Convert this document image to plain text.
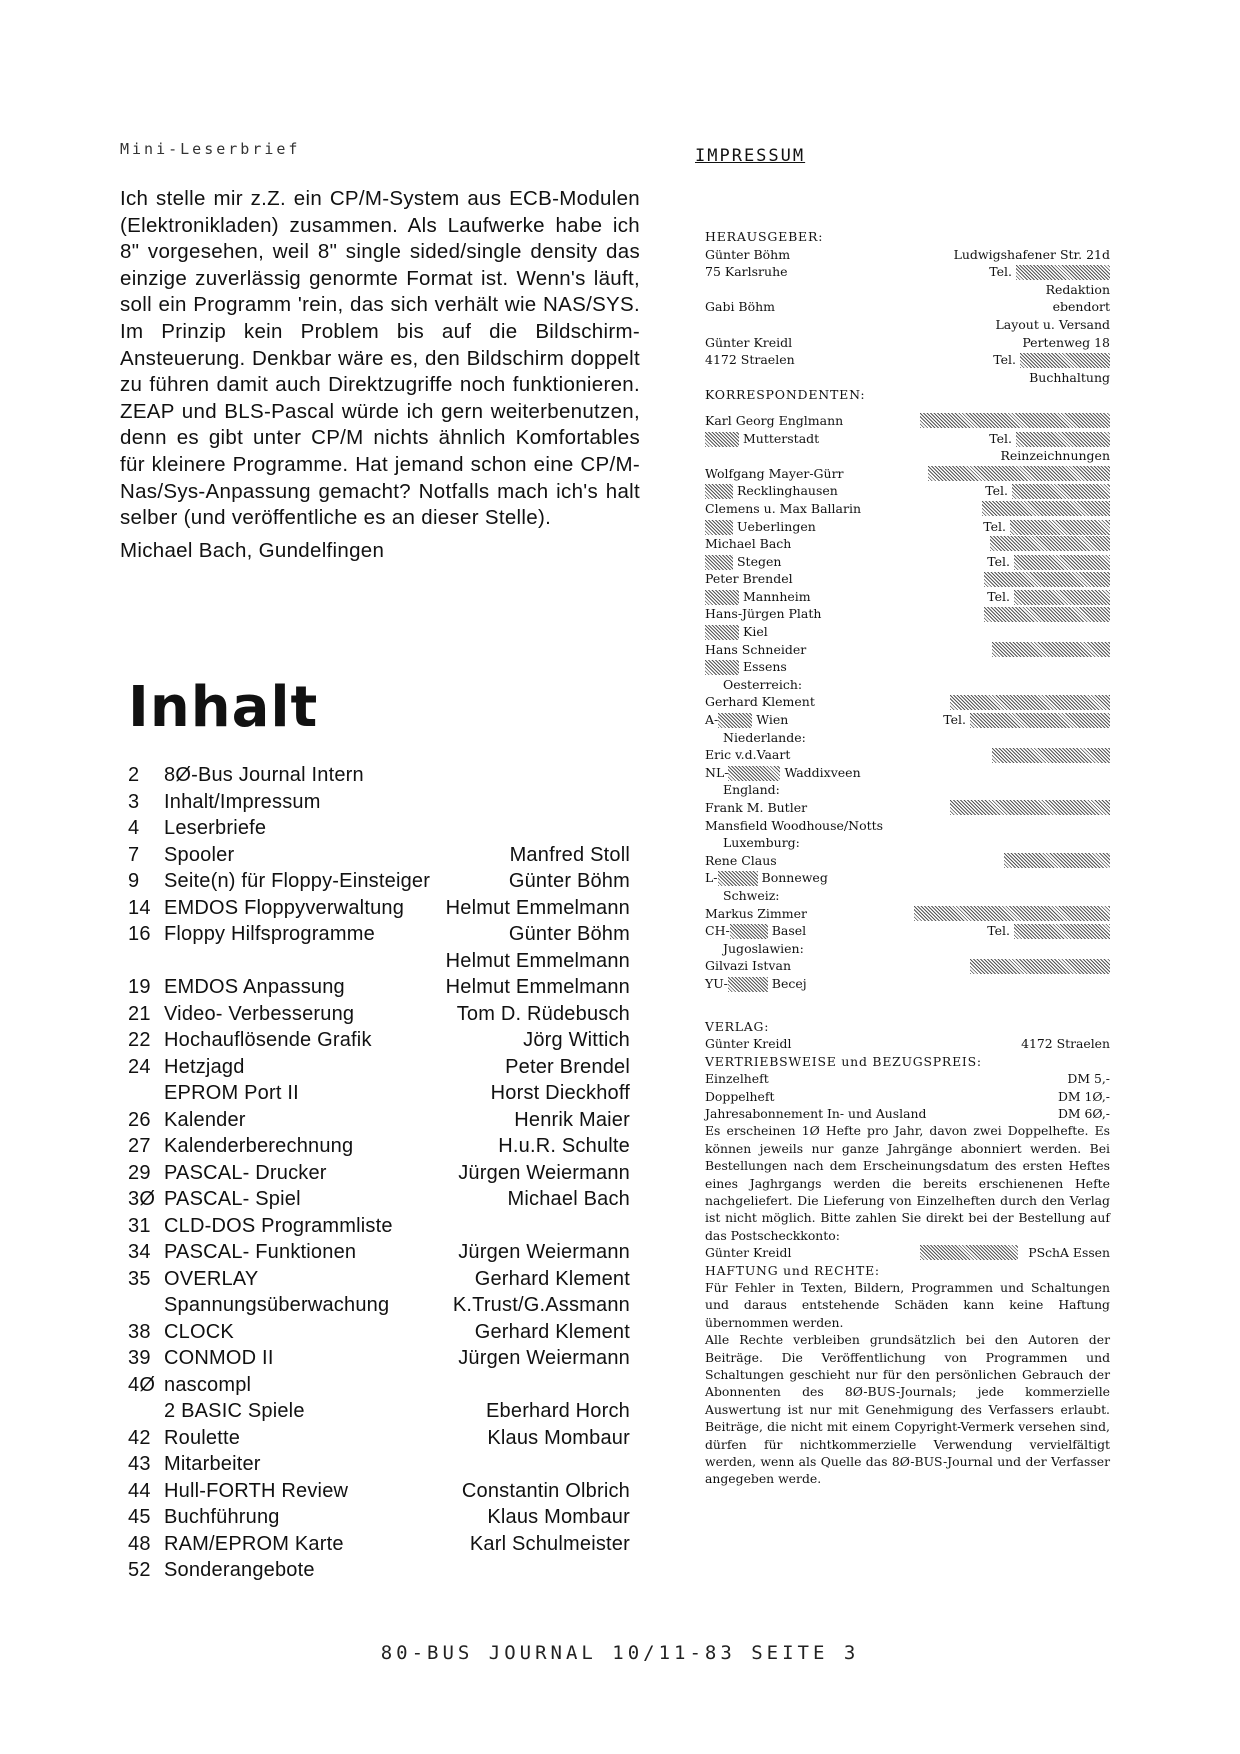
Mini-Leserbrief
Ich stelle mir z.Z. ein CP/M-System aus ECB-Modulen (Elektronikladen) zusammen. Als Laufwerke habe ich 8" vorgesehen, weil 8" single sided/single density das einzige zuverlässig genormte Format ist. Wenn's läuft, soll ein Programm 'rein, das sich verhält wie NAS/SYS. Im Prinzip kein Problem bis auf die Bildschirm-Ansteuerung. Denkbar wäre es, den Bildschirm doppelt zu führen damit auch Direktzugriffe noch funktionieren. ZEAP und BLS-Pascal würde ich gern weiterbenutzen, denn es gibt unter CP/M nichts ähnlich Komfortables für kleinere Programme. Hat jemand schon eine CP/M-Nas/Sys-Anpassung gemacht? Notfalls mach ich's halt selber (und veröffentliche es an dieser Stelle).
Michael Bach, Gundelfingen
Inhalt
2	8Ø-Bus Journal Intern
3	Inhalt/Impressum
4	Leserbriefe
7	Spooler	Manfred Stoll
9	Seite(n) für Floppy-Einsteiger	Günter Böhm
14 EMDOS Floppyverwaltung	Helmut Emmelmann
16 Floppy Hilfsprogramme	Günter Böhm
Helmut Emmelmann
19 EMDOS Anpassung	Helmut Emmelmann
21 Video- Verbesserung	Tom D. Rüdebusch
22 Hochauflösende Grafik	Jörg Wittich
24 Hetzjagd	Peter Brendel
EPROM Port II	Horst Dieckhoff
26 Kalender	Henrik Maier
27 Kalenderberechnung	H.u.R. Schulte
29 PASCAL- Drucker	Jürgen Weiermann
3Ø PASCAL- Spiel	Michael Bach
31 CLD-DOS Programmliste
34 PASCAL- Funktionen	Jürgen Weiermann
35 OVERLAY	Gerhard Klement
Spannungsüberwachung	K.Trust/G.Assmann
38 CLOCK	Gerhard Klement
39 CONMOD II	Jürgen Weiermann
4Ø nascompl
2 BASIC Spiele	Eberhard Horch
42 Roulette	Klaus Mombaur
43 Mitarbeiter
44 Hull-FORTH Review	Constantin Olbrich
45 Buchführung	Klaus Mombaur
48 RAM/EPROM Karte	Karl Schulmeister
52 Sonderangebote
IMPRESSUM
HERAUSGEBER:
Günter Böhm	Ludwigshafener Str. 21d
75 Karlsruhe	Tel.
Redaktion
Gabi Böhm	ebendort
Layout u. Versand
Günter Kreidl	Pertenweg 18
4172 Straelen	Tel.
Buchhaltung
KORRESPONDENTEN:
Karl Georg Englmann
Mutterstadt	Tel.
Reinzeichnungen
Wolfgang Mayer-Gürr
Recklinghausen	Tel.
Clemens u. Max Ballarin
Ueberlingen	Tel.
Michael Bach
Stegen	Tel.
Peter Brendel
Mannheim	Tel.
Hans-Jürgen Plath
Kiel
Hans Schneider
Essens
Oesterreich:
Gerhard Klement
A-	Wien	Tel.
Niederlande:
Eric v.d.Vaart
NL-	Waddixveen
England:
Frank M. Butler
Mansfield Woodhouse/Notts
Luxemburg:
Rene Claus
L-	Bonneweg
Schweiz:
Markus Zimmer
CH-	Basel	Tel.
Jugoslawien:
Gilvazi Istvan
YU-	Becej
VERLAG:
Günter Kreidl	4172 Straelen
VERTRIEBSWEISE und BEZUGSPREIS:
Einzelheft	DM 5,-
Doppelheft	DM 1Ø,-
Jahresabonnement In- und Ausland	DM 6Ø,-
Es erscheinen 1Ø Hefte pro Jahr, davon zwei Doppelhefte. Es können jeweils nur ganze Jahrgänge abonniert werden. Bei Bestellungen nach dem Erscheinungsdatum des ersten Heftes eines Jaghrgangs werden die bereits erschienenen Hefte nachgeliefert. Die Lieferung von Einzelheften durch den Verlag ist nicht möglich. Bitte zahlen Sie direkt bei der Bestellung auf das Postscheckkonto:
Günter Kreidl	PSchA Essen
HAFTUNG und RECHTE:
Für Fehler in Texten, Bildern, Programmen und Schaltungen und daraus entstehende Schäden kann keine Haftung übernommen werden.
Alle Rechte verbleiben grundsätzlich bei den Autoren der Beiträge. Die Veröffentlichung von Programmen und Schaltungen geschieht nur für den persönlichen Gebrauch der Abonnenten des 8Ø-BUS-Journals; jede kommerzielle Auswertung ist nur mit Genehmigung des Verfassers erlaubt. Beiträge, die nicht mit einem Copyright-Vermerk versehen sind, dürfen für nichtkommerzielle Verwendung vervielfältigt werden, wenn als Quelle das 8Ø-BUS-Journal und der Verfasser angegeben werde.
80-BUS JOURNAL 10/11-83 SEITE 3
